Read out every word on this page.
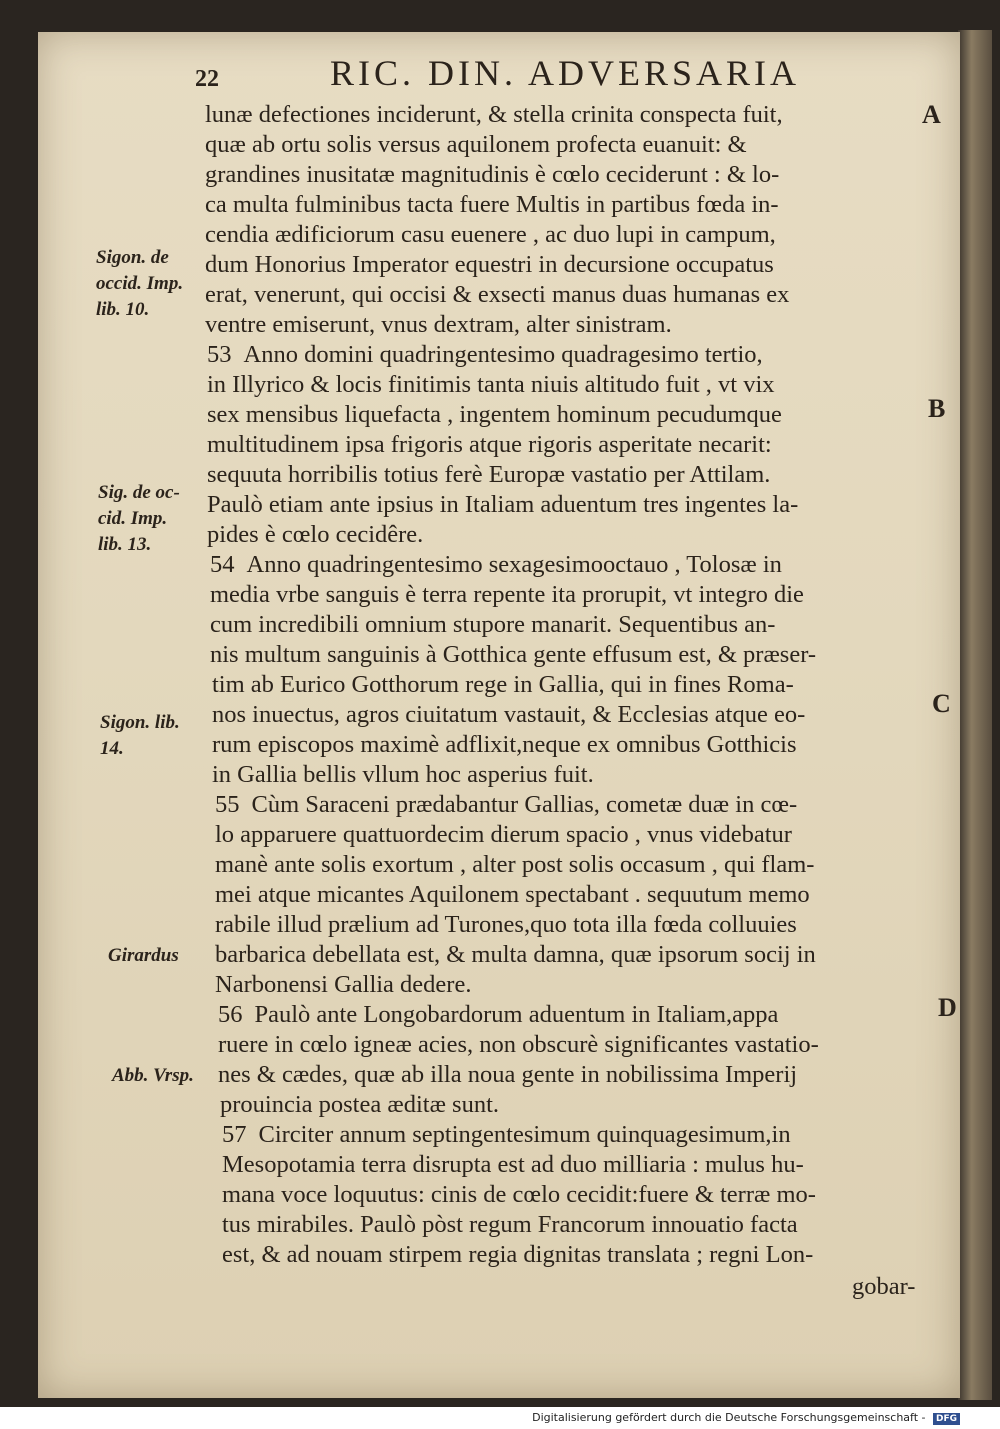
22	RIC. DIN. ADVERSARIA
Sigon. de
occid. Imp.
lib. 10.
Sig. de oc-
cid. Imp.
lib. 13.
Sigon. lib.
14.
Girardus
Abb. Vrsp.
A
B
C
D
lunæ defectiones inciderunt, & stella crinita conspecta fuit,
quæ ab ortu solis versus aquilonem profecta euanuit: &
grandines inusitatæ magnitudinis è cœlo ceciderunt : & lo-
ca multa fulminibus tacta fuere Multis in partibus fœda in-
cendia ædificiorum casu euenere , ac duo lupi in campum,
dum Honorius Imperator equestri in decursione occupatus
erat, venerunt, qui occisi & exsecti manus duas humanas ex
ventre emiserunt, vnus dextram, alter sinistram.
53 Anno domini quadringentesimo quadragesimo tertio,
in Illyrico & locis finitimis tanta niuis altitudo fuit , vt vix
sex mensibus liquefacta , ingentem hominum pecudumque
multitudinem ipsa frigoris atque rigoris asperitate necarit:
sequuta horribilis totius ferè Europæ vastatio per Attilam.
Paulò etiam ante ipsius in Italiam aduentum tres ingentes la-
pides è cœlo cecidêre.
54 Anno quadringentesimo sexagesimooctauo , Tolosæ in
media vrbe sanguis è terra repente ita prorupit, vt integro die
cum incredibili omnium stupore manarit. Sequentibus an-
nis multum sanguinis à Gotthica gente effusum est, & præser-
tim ab Eurico Gotthorum rege in Gallia, qui in fines Roma-
nos inuectus, agros ciuitatum vastauit, & Ecclesias atque eo-
rum episcopos maximè adflixit,neque ex omnibus Gotthicis
in Gallia bellis vllum hoc asperius fuit.
55 Cùm Saraceni prædabantur Gallias, cometæ duæ in cœ-
lo apparuere quattuordecim dierum spacio , vnus videbatur
manè ante solis exortum , alter post solis occasum , qui flam-
mei atque micantes Aquilonem spectabant . sequutum memo
rabile illud prælium ad Turones,quo tota illa fœda colluuies
barbarica debellata est, & multa damna, quæ ipsorum socij in
Narbonensi Gallia dedere.
56 Paulò ante Longobardorum aduentum in Italiam,appa
ruere in cœlo igneæ acies, non obscurè significantes vastatio-
nes & cædes, quæ ab illa noua gente in nobilissima Imperij
prouincia postea æditæ sunt.
57 Circiter annum septingentesimum quinquagesimum,in
Mesopotamia terra disrupta est ad duo milliaria : mulus hu-
mana voce loquutus: cinis de cœlo cecidit:fuere & terræ mo-
tus mirabiles. Paulò pòst regum Francorum innouatio facta
est, & ad nouam stirpem regia dignitas translata ; regni Lon-
gobar-
Digitalisierung gefördert durch die Deutsche Forschungsgemeinschaft - DFG
